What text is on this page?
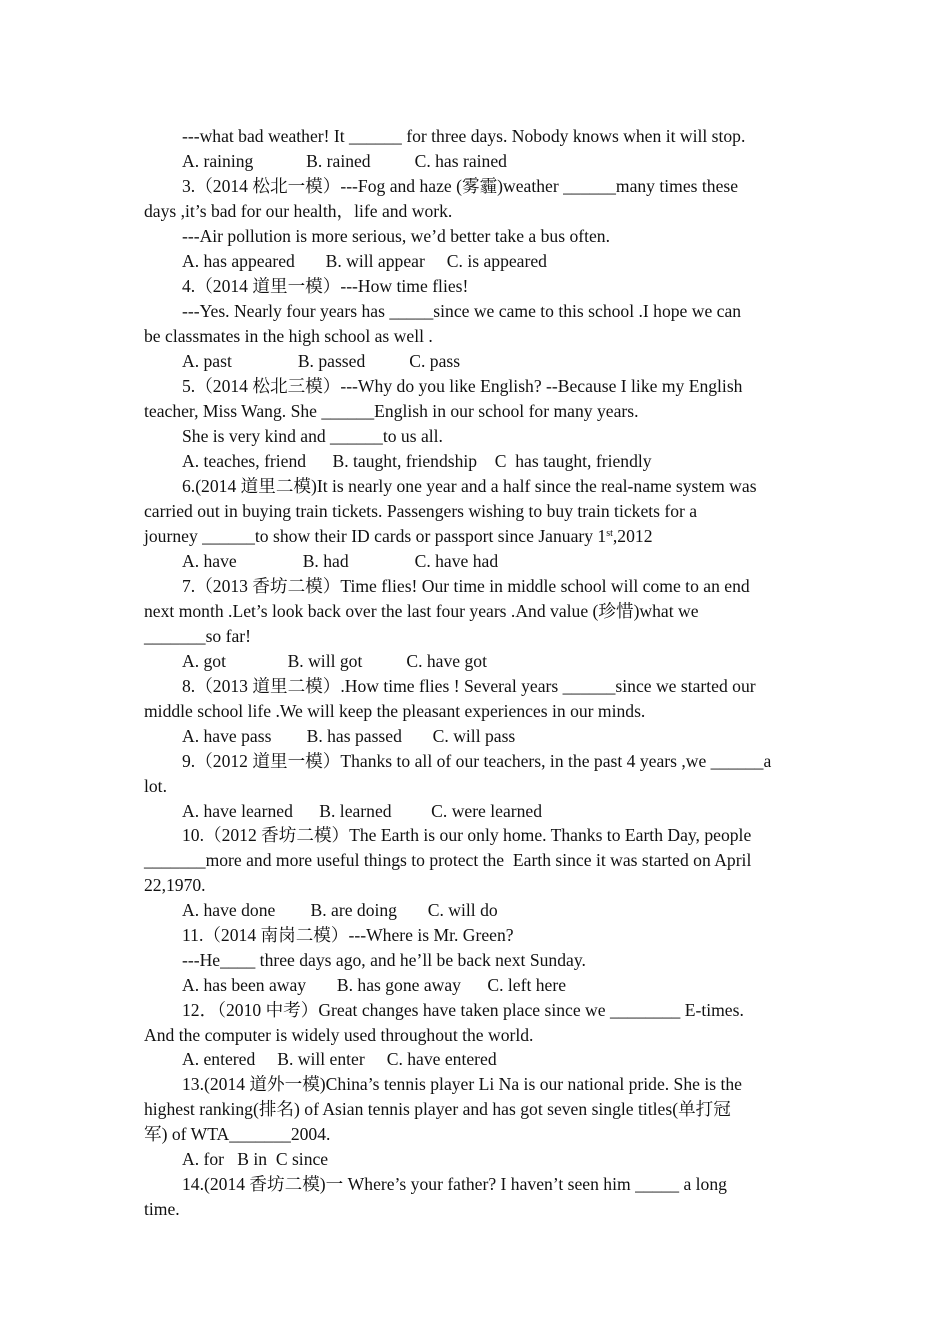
---what bad weather! It ______ for three days. Nobody knows when it will stop.
A. raining            B. rained          C. has rained
3.（2014 松北一模）---Fog and haze (雾霾)weather ______many times these
days ,it’s bad for our health，life and work.
---Air pollution is more serious, we’d better take a bus often.
A. has appeared       B. will appear     C. is appeared
4.（2014 道里一模）---How time flies!
---Yes. Nearly four years has _____since we came to this school .I hope we can
be classmates in the high school as well .
A. past               B. passed          C. pass
5.（2014 松北三模）---Why do you like English? --Because I like my English
teacher, Miss Wang. She ______English in our school for many years.
She is very kind and ______to us all.
A. teaches, friend      B. taught, friendship    C  has taught, friendly
6.(2014 道里二模)It is nearly one year and a half since the real-name system was
carried out in buying train tickets. Passengers wishing to buy train tickets for a
journey ______to show their ID cards or passport since January 1st,2012
A. have               B. had               C. have had
7.（2013 香坊二模）Time flies! Our time in middle school will come to an end
next month .Let’s look back over the last four years .And value (珍惜)what we
_______so far!
A. got              B. will got          C. have got
8.（2013 道里二模）.How time flies ! Several years ______since we started our
middle school life .We will keep the pleasant experiences in our minds.
A. have pass        B. has passed       C. will pass
9.（2012 道里一模）Thanks to all of our teachers, in the past 4 years ,we ______a
lot.
A. have learned      B. learned         C. were learned
10.（2012 香坊二模）The Earth is our only home. Thanks to Earth Day, people
_______more and more useful things to protect the  Earth since it was started on April
22,1970.
A. have done        B. are doing       C. will do
11.（2014 南岗二模）---Where is Mr. Green?
---He____ three days ago, and he’ll be back next Sunday.
A. has been away       B. has gone away      C. left here
12．（2010 中考）Great changes have taken place since we ________ E-times.
And the computer is widely used throughout the world.
A. entered     B. will enter     C. have entered
13.(2014 道外一模)China’s tennis player Li Na is our national pride. She is the
highest ranking(排名) of Asian tennis player and has got seven single titles(单打冠
军) of WTA_______2004.
A. for   B in  C since
14.(2014 香坊二模)一 Where’s your father? I haven’t seen him _____ a long
time.
